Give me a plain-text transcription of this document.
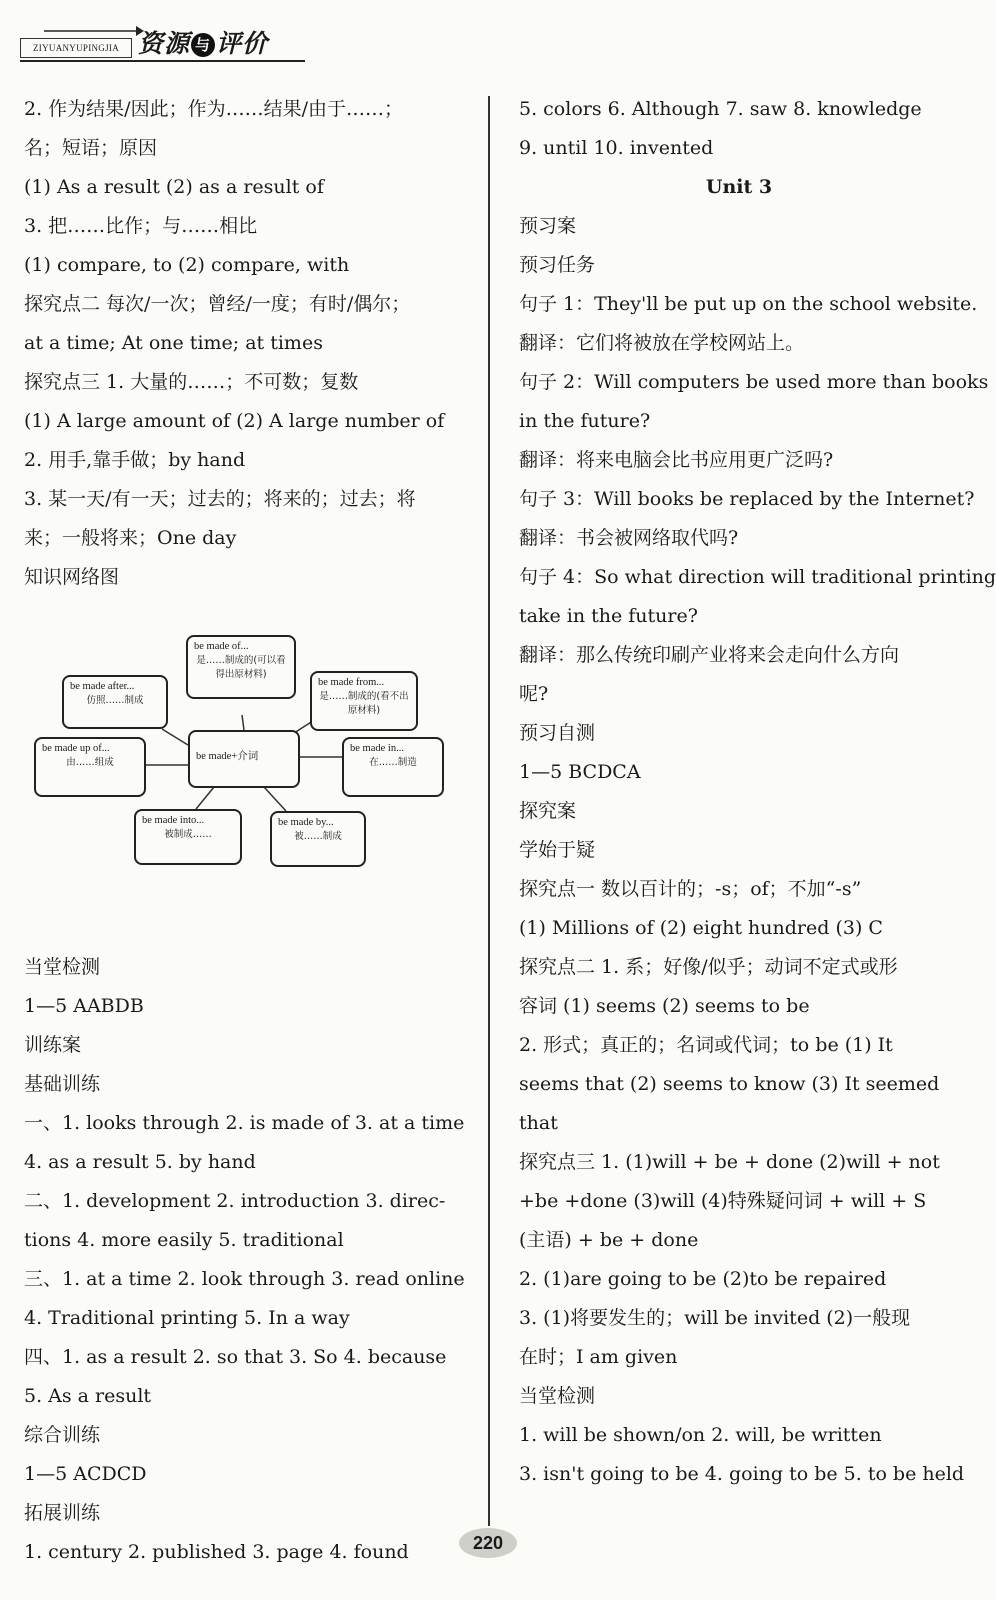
ZIYUANYUPINGJIA 资源 与 评价
2. 作为结果/因此；作为……结果/由于……；
名；短语；原因
(1) As a result (2) as a result of
3. 把……比作；与……相比
(1) compare, to (2) compare, with
探究点二 每次/一次；曾经/一度；有时/偶尔；
at a time; At one time; at times
探究点三 1. 大量的……；不可数；复数
(1) A large amount of (2) A large number of
2. 用手,靠手做；by hand
3. 某一天/有一天；过去的；将来的；过去；将
来；一般将来；One day
知识网络图
be made+介词
be made of...
是……制成的(可以看得出原材料)
be made from...
是……制成的(看不出原材料)
be made after...
仿照……制成
be made in...
在……制造
be made up of...
由……组成
be made into...
被制成……
be made by...
被……制成
当堂检测
1—5 AABDB
训练案
基础训练
一、1. looks through 2. is made of 3. at a time
4. as a result 5. by hand
二、1. development 2. introduction 3. direc-
tions 4. more easily 5. traditional
三、1. at a time 2. look through 3. read online
4. Traditional printing 5. In a way
四、1. as a result 2. so that 3. So 4. because
5. As a result
综合训练
1—5 ACDCD
拓展训练
1. century 2. published 3. page 4. found
5. colors 6. Although 7. saw 8. knowledge
9. until 10. invented
Unit 3
预习案
预习任务
句子 1：They'll be put up on the school website.
翻译：它们将被放在学校网站上。
句子 2：Will computers be used more than books
in the future?
翻译：将来电脑会比书应用更广泛吗?
句子 3：Will books be replaced by the Internet?
翻译：书会被网络取代吗?
句子 4：So what direction will traditional printing
take in the future?
翻译：那么传统印刷产业将来会走向什么方向
呢?
预习自测
1—5 BCDCA
探究案
学始于疑
探究点一 数以百计的；-s；of；不加“-s”
(1) Millions of (2) eight hundred (3) C
探究点二 1. 系；好像/似乎；动词不定式或形
容词 (1) seems (2) seems to be
2. 形式；真正的；名词或代词；to be (1) It
seems that (2) seems to know (3) It seemed
that
探究点三 1. (1)will + be + done (2)will + not
+be +done (3)will (4)特殊疑问词 + will + S
(主语) + be + done
2. (1)are going to be (2)to be repaired
3. (1)将要发生的；will be invited (2)一般现
在时；I am given
当堂检测
1. will be shown/on 2. will, be written
3. isn't going to be 4. going to be 5. to be held
220
